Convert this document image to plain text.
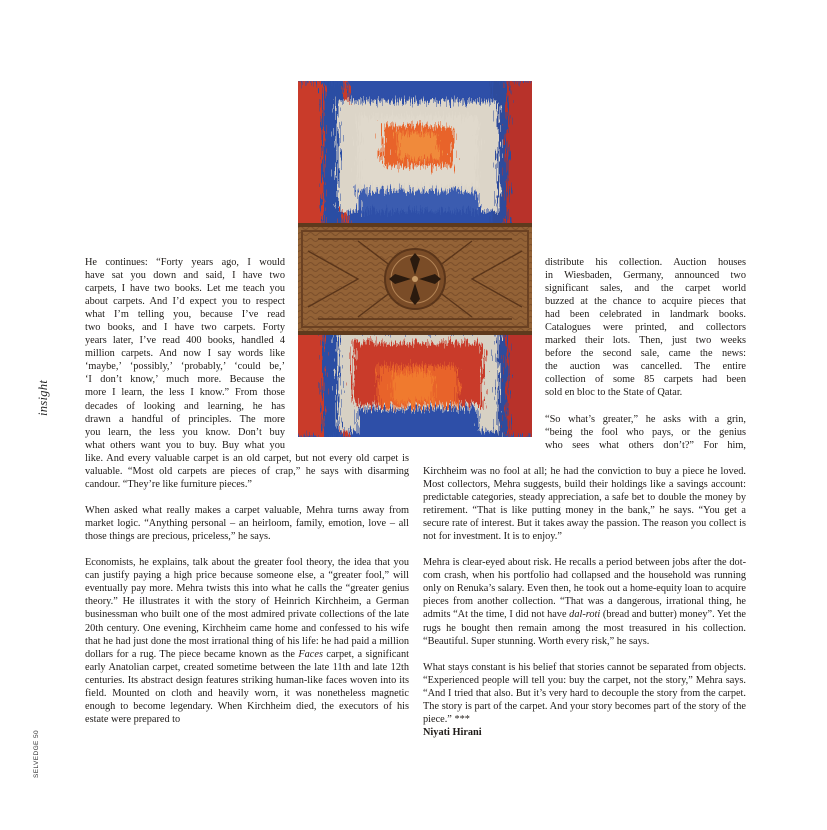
insight
SELVEDGE 50
He continues: “Forty years ago, I would
have sat you down and said, I have two
carpets, I have two books. Let me teach you
about carpets. And I’d expect you to respect
what I’m telling you, because I’ve read
two books, and I have two carpets. Forty
years later, I’ve read 400 books, handled 4
million carpets. And now I say words like
‘maybe,’ ‘possibly,’ ‘probably,’ ‘could be,’
‘I don’t know,’ much more. Because the
more I learn, the less I know.” From those
decades of looking and learning, he has
drawn a handful of principles. The more
you learn, the less you know. Don’t buy
what others want you to buy. Buy what you

like. And every valuable carpet is an old carpet, but not every old carpet is valuable. “Most old carpets are pieces of crap,” he says with disarming candour. “They’re like furniture pieces.”

When asked what really makes a carpet valuable, Mehra turns away from market logic. “Anything personal – an heirloom, family, emotion, love – all those things are precious, priceless,” he says.

Economists, he explains, talk about the greater fool theory, the idea that you can justify paying a high price because someone else, a “greater fool,” will eventually pay more. Mehra twists this into what he calls the “greater genius theory.” He illustrates it with the story of Heinrich Kirchheim, a German businessman who built one of the most admired private collections of the late 20th century. One evening, Kirchheim came home and confessed to his wife that he had just done the most irrational thing of his life: he had paid a million dollars for a rug. The piece became known as the Faces carpet, a significant early Anatolian carpet, created sometime between the late 11th and late 12th centuries. Its abstract design features striking human-like faces woven into its field. Mounted on cloth and heavily worn, it was nonetheless magnetic enough to become legendary. When Kirchheim died, the executors of his estate were prepared to

distribute his collection. Auction houses
in Wiesbaden, Germany, announced two
significant sales, and the carpet world
buzzed at the chance to acquire pieces that
had been celebrated in landmark books.
Catalogues were printed, and collectors
marked their lots. Then, just two weeks
before the second sale, came the news:
the auction was cancelled. The entire
collection of some 85 carpets had been
sold en bloc to the State of Qatar.
“So what’s greater,” he asks with a grin,
“being the fool who pays, or the genius
who sees what others don’t?” For him,

Kirchheim was no fool at all; he had the conviction to buy a piece he loved. Most collectors, Mehra suggests, build their holdings like a savings account: predictable categories, steady appreciation, a safe bet to double the money by retirement. “That is like putting money in the bank,” he says. “You get a secure rate of interest. But it takes away the passion. The reason you collect is not for investment. It is to enjoy.”

Mehra is clear-eyed about risk. He recalls a period between jobs after the dot-com crash, when his portfolio had collapsed and the household was running only on Renuka’s salary. Even then, he took out a home-equity loan to acquire pieces from another collection. “That was a dangerous, irrational thing, he admits “At the time, I did not have dal-roti (bread and butter) money”. Yet the rugs he bought then remain among the most treasured in his collection. “Beautiful. Super stunning. Worth every risk,” he says.

What stays constant is his belief that stories cannot be separated from objects. “Experienced people will tell you: buy the carpet, not the story,” Mehra says. “And I tried that also. But it’s very hard to decouple the story from the carpet. The story is part of the carpet. And your story becomes part of the story of the piece.” ***

Niyati Hirani
